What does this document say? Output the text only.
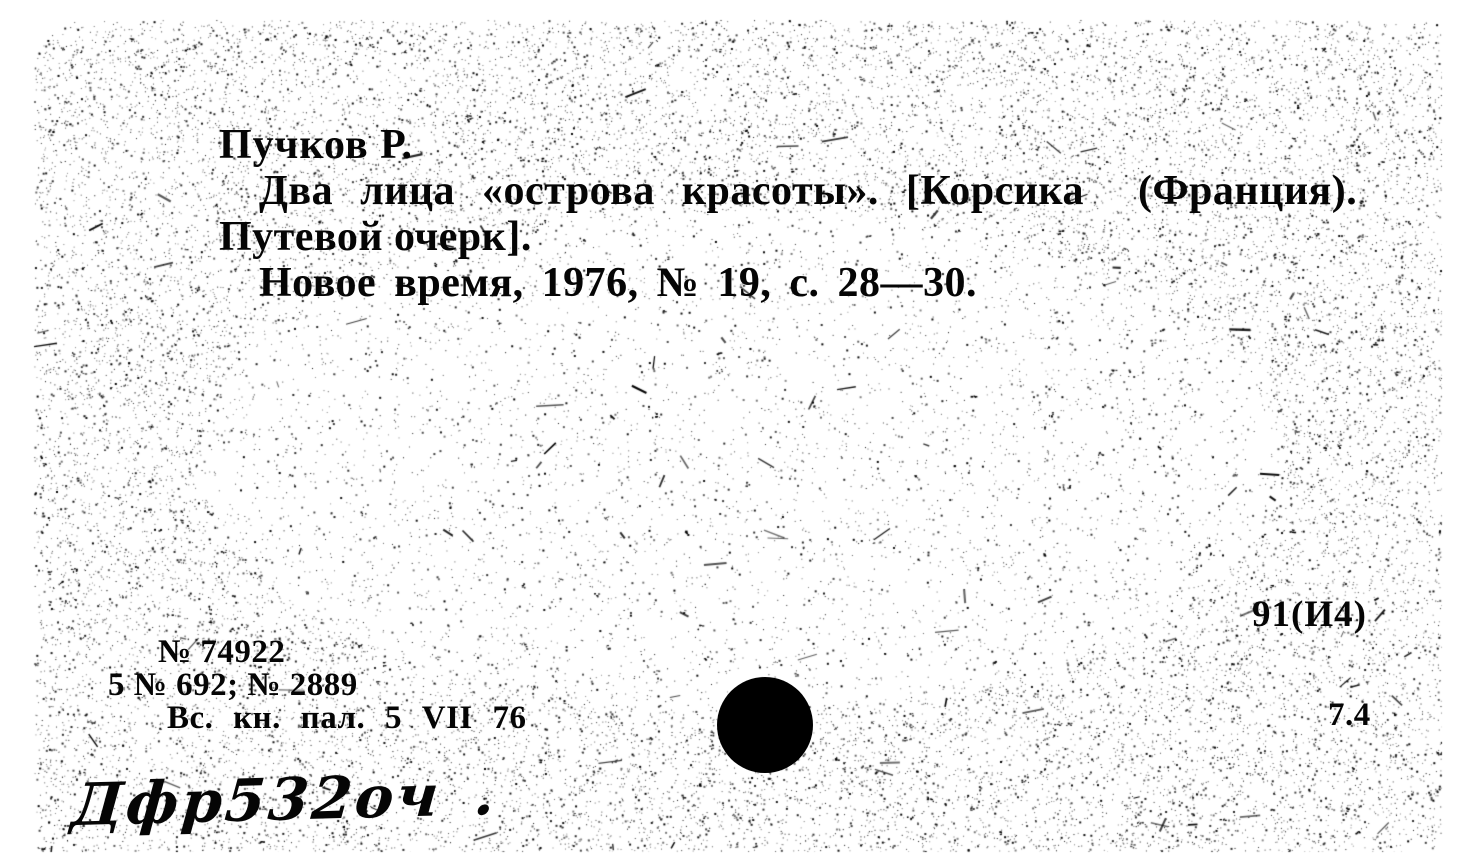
Пучков Р.
Два лица «острова красоты». [Корсика  (Франция).
Путевой очерк].
Новое время, 1976, № 19, с. 28—30.
91(И4)
№ 74922
5 № 692; № 2889
Вс. кн. пал. 5 VII 76	7.4
Дфр532оч .
